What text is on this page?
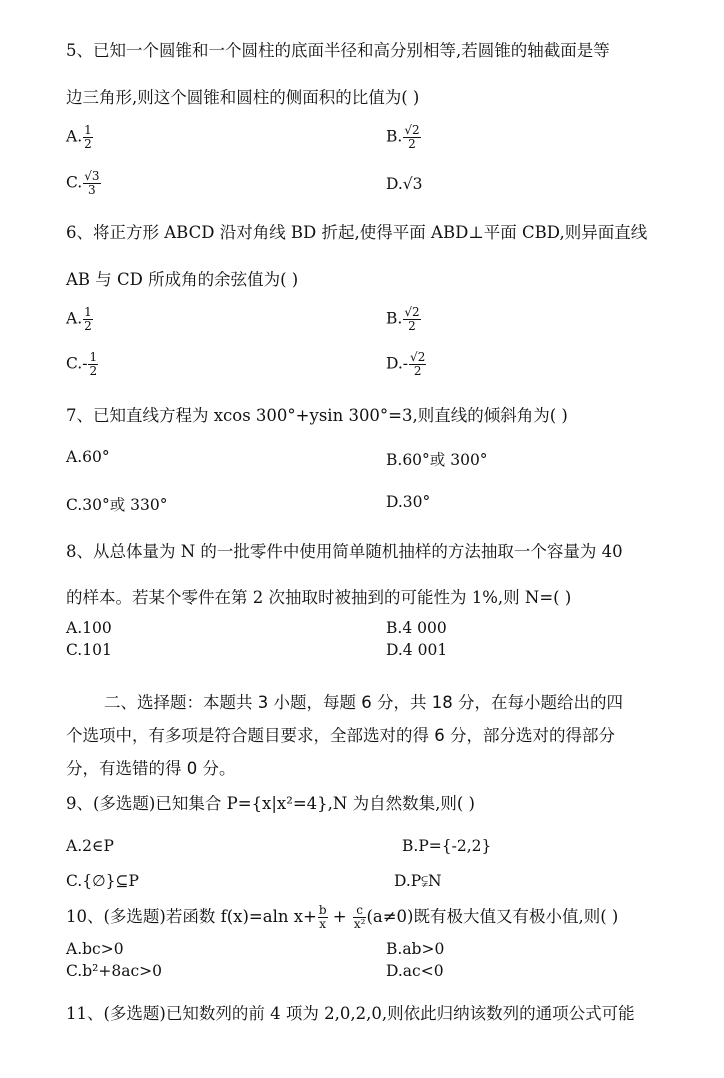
5、已知一个圆锥和一个圆柱的底面半径和高分别相等,若圆锥的轴截面是等
边三角形,则这个圆锥和圆柱的侧面积的比值为( )
A. $\frac{1}{2}$	B. $\frac{√2}{2}$
C. $\frac{√3}{3}$	D.√3
6、将正方形 ABCD 沿对角线 BD 折起,使得平面 ABD⊥平面 CBD,则异面直线
AB 与 CD 所成角的余弦值为( )
A. $\frac{1}{2}$	B. $\frac{√2}{2}$
$C.- \frac{1}{2}$	$D.- \frac{√2}{2}$
7、已知直线方程为 xcos 300°+ysin 300°=3,则直线的倾斜角为( )
A.60°	B.60°或 300°
C.30°或 330°	D.30°
8、从总体量为 N 的一批零件中使用简单随机抽样的方法抽取一个容量为 40
的样本。若某个零件在第 2 次抽取时被抽到的可能性为 1%,则 N=( )
A.100	B.4 000
C.101	D.4 001
二、选择题：本题共 3 小题，每题 6 分，共 18 分，在每小题给出的四
个选项中，有多项是符合题目要求，全部选对的得 6 分，部分选对的得部分
分，有选错的得 0 分。
9、(多选题)已知集合 P={x|x²=4},N 为自然数集,则( )
A.2∈P	B.P={-2,2}
C.{∅}⊆P	D.P⫋N
10、(多选题)若函数 f(x)=aln $x+ \frac{b}{x} + \frac{c}{\text{x²}} (a\ne 0)$既有极大值又有极小值,则( )
A.bc>0	B.ab>0
C.b²+8ac>0	D.ac<0
11、(多选题)已知数列的前 4 项为 2,0,2,0,则依此归纳该数列的通项公式可能
